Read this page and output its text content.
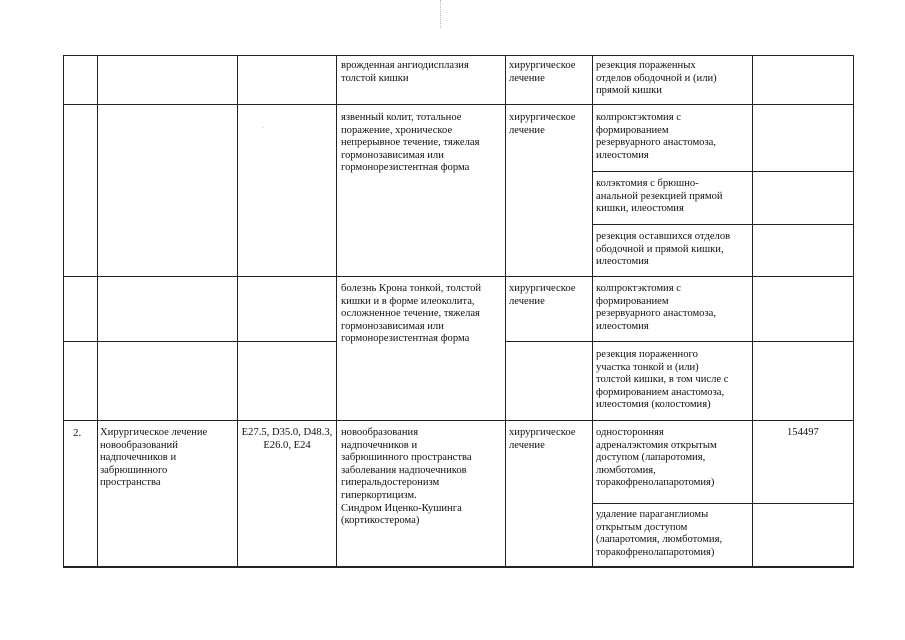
врожденная ангиодисплазия
толстой кишки
хирургическое
лечение
резекция пораженных
отделов ободочной и (или)
прямой кишки
·
язвенный колит, тотальное
поражение, хроническое
непрерывное течение, тяжелая
гормонозависимая или
гормонорезистентная форма
хирургическое
лечение
колпроктэктомия с
формированием
резервуарного анастомоза,
илеостомия
колэктомия с брюшно-
анальной резекцией прямой
кишки, илеостомия
резекция оставшихся отделов
ободочной и прямой кишки,
илеостомия
болезнь Крона тонкой, толстой
кишки и в форме илеоколита,
осложненное течение, тяжелая
гормонозависимая или
гормонорезистентная форма
хирургическое
лечение
колпроктэктомия с
формированием
резервуарного анастомоза,
илеостомия
резекция пораженного
участка тонкой и (или)
толстой кишки, в том числе с
формированием анастомоза,
илеостомия (колостомия)
2. Хирургическое лечение
новообразований
надпочечников и
забрюшинного
пространства
E27.5, D35.0, D48.3, E26.0, E24
новообразования
надпочечников и
забрюшинного пространства
заболевания надпочечников
гиперальдостеронизм
гиперкортицизм.
Синдром Иценко-Кушинга
(кортикостерома)
хирургическое
лечение
односторонняя
адреналэктомия открытым
доступом (лапаротомия,
люмботомия,
торакофренолапаротомия)
удаление параганглиомы
открытым доступом
(лапаротомия, люмботомия,
торакофренолапаротомия)
154497
